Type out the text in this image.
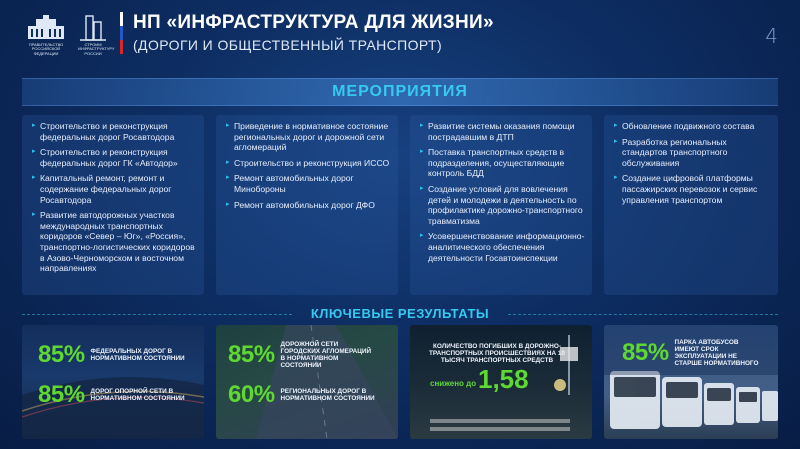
ПРАВИТЕЛЬСТВО РОССИЙСКОЙ ФЕДЕРАЦИИ
СТРОИМ ИНФРАСТРУКТУРУ РОССИИ
НП «ИНФРАСТРУКТУРА ДЛЯ ЖИЗНИ»
(ДОРОГИ И ОБЩЕСТВЕННЫЙ ТРАНСПОРТ)	4
МЕРОПРИЯТИЯ
▸ Строительство и реконструкция федеральных дорог Росавтодора
▸ Строительство и реконструкция федеральных дорог ГК «Автодор»
▸ Капитальный ремонт, ремонт и содержание федеральных дорог Росавтодора
▸ Развитие автодорожных участков международных транспортных коридоров «Север – Юг», «Россия», транспортно-логистических коридоров в Азово-Черноморском и восточном направлениях
▸ Приведение в нормативное состояние региональных дорог и дорожной сети агломераций
▸ Строительство и реконструкция ИССО
▸ Ремонт автомобильных дорог Минобороны
▸ Ремонт автомобильных дорог ДФО
▸ Развитие системы оказания помощи пострадавшим в ДТП
▸ Поставка транспортных средств в подразделения, осуществляющие контроль БДД
▸ Создание условий для вовлечения детей и молодежи в деятельность по профилактике дорожно-транспортного травматизма
▸ Усовершенствование информационно-аналитического обеспечения деятельности Госавтоинспекции
▸ Обновление подвижного состава
▸ Разработка региональных стандартов транспортного обслуживания
▸ Создание цифровой платформы пассажирских перевозок и сервис управления транспортом
КЛЮЧЕВЫЕ РЕЗУЛЬТАТЫ
85% ФЕДЕРАЛЬНЫХ ДОРОГ В НОРМАТИВНОМ СОСТОЯНИИ
85% ДОРОГ ОПОРНОЙ СЕТИ В НОРМАТИВНОМ СОСТОЯНИИ
85% ДОРОЖНОЙ СЕТИ ГОРОДСКИХ АГЛОМЕРАЦИЙ В НОРМАТИВНОМ СОСТОЯНИИ
60% РЕГИОНАЛЬНЫХ ДОРОГ В НОРМАТИВНОМ СОСТОЯНИИ
КОЛИЧЕСТВО ПОГИБШИХ В ДОРОЖНО-ТРАНСПОРТНЫХ ПРОИСШЕСТВИЯХ НА 10 ТЫСЯЧ ТРАНСПОРТНЫХ СРЕДСТВ
снижено до 1,58
85% ПАРКА АВТОБУСОВ ИМЕЮТ СРОК ЭКСПЛУАТАЦИИ НЕ СТАРШЕ НОРМАТИВНОГО
